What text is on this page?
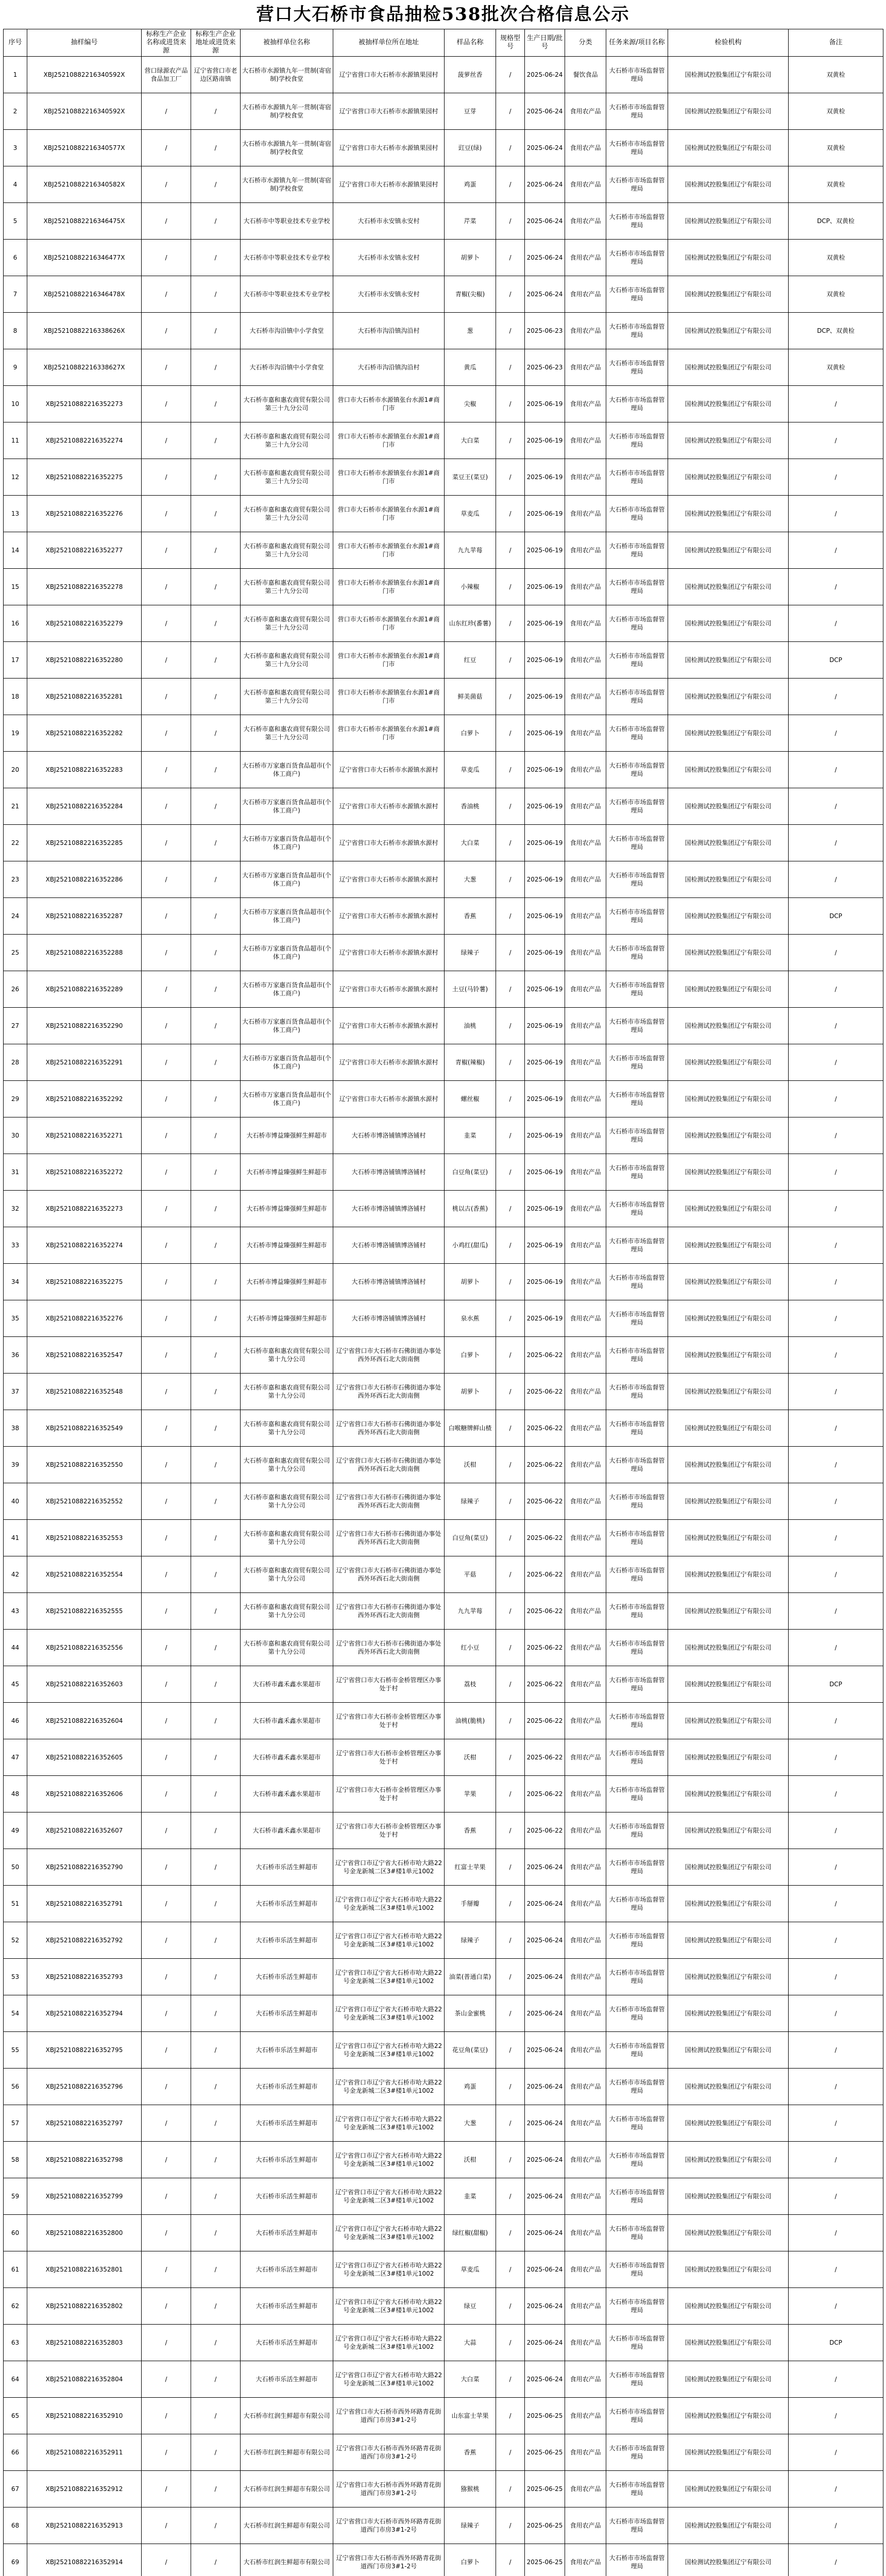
营口大石桥市食品抽检538批次合格信息公示
序号	抽样编号	标称生产企业名称或进货来源	标称生产企业地址或进货来源	被抽样单位名称	被抽样单位所在地址	样品名称	规格型号	生产日期/批号	分类	任务来源/项目名称	检验机构	备注
1	XBJ25210882216340592X	营口绿源农产品食品加工厂	辽宁省营口市老边区路南镇	大石桥市水源镇九年一贯制(寄宿制)学校食堂	辽宁省营口市大石桥市水源镇果园村	菠萝丝香	/	2025-06-24	餐饮食品	大石桥市市场监督管理局	国检测试控股集团辽宁有限公司	双黄检
2	XBJ25210882216340592X	/	/	大石桥市水源镇九年一贯制(寄宿制)学校食堂	辽宁省营口市大石桥市水源镇果园村	豆芽	/	2025-06-24	食用农产品	大石桥市市场监督管理局	国检测试控股集团辽宁有限公司	双黄检
3	XBJ25210882216340577X	/	/	大石桥市水源镇九年一贯制(寄宿制)学校食堂	辽宁省营口市大石桥市水源镇果园村	豇豆(绿)	/	2025-06-24	食用农产品	大石桥市市场监督管理局	国检测试控股集团辽宁有限公司	双黄检
4	XBJ25210882216340582X	/	/	大石桥市水源镇九年一贯制(寄宿制)学校食堂	辽宁省营口市大石桥市水源镇果园村	鸡蛋	/	2025-06-24	食用农产品	大石桥市市场监督管理局	国检测试控股集团辽宁有限公司	双黄检
5	XBJ25210882216346475X	/	/	大石桥市中等职业技术专业学校	大石桥市永安镇永安村	芹菜	/	2025-06-24	食用农产品	大石桥市市场监督管理局	国检测试控股集团辽宁有限公司	DCP、双黄检
6	XBJ25210882216346477X	/	/	大石桥市中等职业技术专业学校	大石桥市永安镇永安村	胡萝卜	/	2025-06-24	食用农产品	大石桥市市场监督管理局	国检测试控股集团辽宁有限公司	双黄检
7	XBJ25210882216346478X	/	/	大石桥市中等职业技术专业学校	大石桥市永安镇永安村	青椒(尖椒)	/	2025-06-24	食用农产品	大石桥市市场监督管理局	国检测试控股集团辽宁有限公司	双黄检
8	XBJ25210882216338626X	/	/	大石桥市沟沿镇中小学食堂	大石桥市沟沿镇沟沿村	葱	/	2025-06-23	食用农产品	大石桥市市场监督管理局	国检测试控股集团辽宁有限公司	DCP、双黄检
9	XBJ25210882216338627X	/	/	大石桥市沟沿镇中小学食堂	大石桥市沟沿镇沟沿村	黄瓜	/	2025-06-23	食用农产品	大石桥市市场监督管理局	国检测试控股集团辽宁有限公司	双黄检
10	XBJ25210882216352273	/	/	大石桥市嘉和惠农商贸有限公司第三十九分公司	营口市大石桥市水源镇张台水源1#商门市	尖椒	/	2025-06-19	食用农产品	大石桥市市场监督管理局	国检测试控股集团辽宁有限公司	/
11	XBJ25210882216352274	/	/	大石桥市嘉和惠农商贸有限公司第三十九分公司	营口市大石桥市水源镇张台水源1#商门市	大白菜	/	2025-06-19	食用农产品	大石桥市市场监督管理局	国检测试控股集团辽宁有限公司	/
12	XBJ25210882216352275	/	/	大石桥市嘉和惠农商贸有限公司第三十九分公司	营口市大石桥市水源镇张台水源1#商门市	菜豆王(菜豆)	/	2025-06-19	食用农产品	大石桥市市场监督管理局	国检测试控股集团辽宁有限公司	/
13	XBJ25210882216352276	/	/	大石桥市嘉和惠农商贸有限公司第三十九分公司	营口市大石桥市水源镇张台水源1#商门市	草麦瓜	/	2025-06-19	食用农产品	大石桥市市场监督管理局	国检测试控股集团辽宁有限公司	/
14	XBJ25210882216352277	/	/	大石桥市嘉和惠农商贸有限公司第三十九分公司	营口市大石桥市水源镇张台水源1#商门市	九九苹莓	/	2025-06-19	食用农产品	大石桥市市场监督管理局	国检测试控股集团辽宁有限公司	/
15	XBJ25210882216352278	/	/	大石桥市嘉和惠农商贸有限公司第三十九分公司	营口市大石桥市水源镇张台水源1#商门市	小辣椒	/	2025-06-19	食用农产品	大石桥市市场监督管理局	国检测试控股集团辽宁有限公司	/
16	XBJ25210882216352279	/	/	大石桥市嘉和惠农商贸有限公司第三十九分公司	营口市大石桥市水源镇张台水源1#商门市	山东红珍(番薯)	/	2025-06-19	食用农产品	大石桥市市场监督管理局	国检测试控股集团辽宁有限公司	/
17	XBJ25210882216352280	/	/	大石桥市嘉和惠农商贸有限公司第三十九分公司	营口市大石桥市水源镇张台水源1#商门市	红豆	/	2025-06-19	食用农产品	大石桥市市场监督管理局	国检测试控股集团辽宁有限公司	DCP
18	XBJ25210882216352281	/	/	大石桥市嘉和惠农商贸有限公司第三十九分公司	营口市大石桥市水源镇张台水源1#商门市	鲜美菌菇	/	2025-06-19	食用农产品	大石桥市市场监督管理局	国检测试控股集团辽宁有限公司	/
19	XBJ25210882216352282	/	/	大石桥市嘉和惠农商贸有限公司第三十九分公司	营口市大石桥市水源镇张台水源1#商门市	白萝卜	/	2025-06-19	食用农产品	大石桥市市场监督管理局	国检测试控股集团辽宁有限公司	/
20	XBJ25210882216352283	/	/	大石桥市万家惠百货食品超市(个体工商户)	辽宁省营口市大石桥市水源镇水源村	草麦瓜	/	2025-06-19	食用农产品	大石桥市市场监督管理局	国检测试控股集团辽宁有限公司	/
21	XBJ25210882216352284	/	/	大石桥市万家惠百货食品超市(个体工商户)	辽宁省营口市大石桥市水源镇水源村	香油桃	/	2025-06-19	食用农产品	大石桥市市场监督管理局	国检测试控股集团辽宁有限公司	/
22	XBJ25210882216352285	/	/	大石桥市万家惠百货食品超市(个体工商户)	辽宁省营口市大石桥市水源镇水源村	大白菜	/	2025-06-19	食用农产品	大石桥市市场监督管理局	国检测试控股集团辽宁有限公司	/
23	XBJ25210882216352286	/	/	大石桥市万家惠百货食品超市(个体工商户)	辽宁省营口市大石桥市水源镇水源村	大葱	/	2025-06-19	食用农产品	大石桥市市场监督管理局	国检测试控股集团辽宁有限公司	/
24	XBJ25210882216352287	/	/	大石桥市万家惠百货食品超市(个体工商户)	辽宁省营口市大石桥市水源镇水源村	香蕉	/	2025-06-19	食用农产品	大石桥市市场监督管理局	国检测试控股集团辽宁有限公司	DCP
25	XBJ25210882216352288	/	/	大石桥市万家惠百货食品超市(个体工商户)	辽宁省营口市大石桥市水源镇水源村	绿辣子	/	2025-06-19	食用农产品	大石桥市市场监督管理局	国检测试控股集团辽宁有限公司	/
26	XBJ25210882216352289	/	/	大石桥市万家惠百货食品超市(个体工商户)	辽宁省营口市大石桥市水源镇水源村	土豆(马铃薯)	/	2025-06-19	食用农产品	大石桥市市场监督管理局	国检测试控股集团辽宁有限公司	/
27	XBJ25210882216352290	/	/	大石桥市万家惠百货食品超市(个体工商户)	辽宁省营口市大石桥市水源镇水源村	油桃	/	2025-06-19	食用农产品	大石桥市市场监督管理局	国检测试控股集团辽宁有限公司	/
28	XBJ25210882216352291	/	/	大石桥市万家惠百货食品超市(个体工商户)	辽宁省营口市大石桥市水源镇水源村	青椒(辣椒)	/	2025-06-19	食用农产品	大石桥市市场监督管理局	国检测试控股集团辽宁有限公司	/
29	XBJ25210882216352292	/	/	大石桥市万家惠百货食品超市(个体工商户)	辽宁省营口市大石桥市水源镇水源村	螺丝椒	/	2025-06-19	食用农产品	大石桥市市场监督管理局	国检测试控股集团辽宁有限公司	/
30	XBJ25210882216352271	/	/	大石桥市博益臻强鲜生鲜超市	大石桥市博洛铺镇博洛铺村	韭菜	/	2025-06-19	食用农产品	大石桥市市场监督管理局	国检测试控股集团辽宁有限公司	/
31	XBJ25210882216352272	/	/	大石桥市博益臻强鲜生鲜超市	大石桥市博洛铺镇博洛铺村	白豆角(菜豆)	/	2025-06-19	食用农产品	大石桥市市场监督管理局	国检测试控股集团辽宁有限公司	/
32	XBJ25210882216352273	/	/	大石桥市博益臻强鲜生鲜超市	大石桥市博洛铺镇博洛铺村	桃以古(香蕉)	/	2025-06-19	食用农产品	大石桥市市场监督管理局	国检测试控股集团辽宁有限公司	/
33	XBJ25210882216352274	/	/	大石桥市博益臻强鲜生鲜超市	大石桥市博洛铺镇博洛铺村	小鸡红(甜瓜)	/	2025-06-19	食用农产品	大石桥市市场监督管理局	国检测试控股集团辽宁有限公司	/
34	XBJ25210882216352275	/	/	大石桥市博益臻强鲜生鲜超市	大石桥市博洛铺镇博洛铺村	胡萝卜	/	2025-06-19	食用农产品	大石桥市市场监督管理局	国检测试控股集团辽宁有限公司	/
35	XBJ25210882216352276	/	/	大石桥市博益臻强鲜生鲜超市	大石桥市博洛铺镇博洛铺村	泉水蕉	/	2025-06-19	食用农产品	大石桥市市场监督管理局	国检测试控股集团辽宁有限公司	/
36	XBJ25210882216352547	/	/	大石桥市嘉和惠农商贸有限公司第十九分公司	辽宁省营口市大石桥市石佛街道办事处西外环西石北大街南侧	白萝卜	/	2025-06-22	食用农产品	大石桥市市场监督管理局	国检测试控股集团辽宁有限公司	/
37	XBJ25210882216352548	/	/	大石桥市嘉和惠农商贸有限公司第十九分公司	辽宁省营口市大石桥市石佛街道办事处西外环西石北大街南侧	胡萝卜	/	2025-06-22	食用农产品	大石桥市市场监督管理局	国检测试控股集团辽宁有限公司	/
38	XBJ25210882216352549	/	/	大石桥市嘉和惠农商贸有限公司第十九分公司	辽宁省营口市大石桥市石佛街道办事处西外环西石北大街南侧	白喉糖牌鲜山楂	/	2025-06-22	食用农产品	大石桥市市场监督管理局	国检测试控股集团辽宁有限公司	/
39	XBJ25210882216352550	/	/	大石桥市嘉和惠农商贸有限公司第十九分公司	辽宁省营口市大石桥市石佛街道办事处西外环西石北大街南侧	沃柑	/	2025-06-22	食用农产品	大石桥市市场监督管理局	国检测试控股集团辽宁有限公司	/
40	XBJ25210882216352552	/	/	大石桥市嘉和惠农商贸有限公司第十九分公司	辽宁省营口市大石桥市石佛街道办事处西外环西石北大街南侧	绿辣子	/	2025-06-22	食用农产品	大石桥市市场监督管理局	国检测试控股集团辽宁有限公司	/
41	XBJ25210882216352553	/	/	大石桥市嘉和惠农商贸有限公司第十九分公司	辽宁省营口市大石桥市石佛街道办事处西外环西石北大街南侧	白豆角(菜豆)	/	2025-06-22	食用农产品	大石桥市市场监督管理局	国检测试控股集团辽宁有限公司	/
42	XBJ25210882216352554	/	/	大石桥市嘉和惠农商贸有限公司第十九分公司	辽宁省营口市大石桥市石佛街道办事处西外环西石北大街南侧	平菇	/	2025-06-22	食用农产品	大石桥市市场监督管理局	国检测试控股集团辽宁有限公司	/
43	XBJ25210882216352555	/	/	大石桥市嘉和惠农商贸有限公司第十九分公司	辽宁省营口市大石桥市石佛街道办事处西外环西石北大街南侧	九九苹莓	/	2025-06-22	食用农产品	大石桥市市场监督管理局	国检测试控股集团辽宁有限公司	/
44	XBJ25210882216352556	/	/	大石桥市嘉和惠农商贸有限公司第十九分公司	辽宁省营口市大石桥市石佛街道办事处西外环西石北大街南侧	红小豆	/	2025-06-22	食用农产品	大石桥市市场监督管理局	国检测试控股集团辽宁有限公司	/
45	XBJ25210882216352603	/	/	大石桥市鑫禾鑫水果超市	辽宁省营口市大石桥市金桥管理区办事处于村	荔枝	/	2025-06-22	食用农产品	大石桥市市场监督管理局	国检测试控股集团辽宁有限公司	DCP
46	XBJ25210882216352604	/	/	大石桥市鑫禾鑫水果超市	辽宁省营口市大石桥市金桥管理区办事处于村	油桃(脆桃)	/	2025-06-22	食用农产品	大石桥市市场监督管理局	国检测试控股集团辽宁有限公司	/
47	XBJ25210882216352605	/	/	大石桥市鑫禾鑫水果超市	辽宁省营口市大石桥市金桥管理区办事处于村	沃柑	/	2025-06-22	食用农产品	大石桥市市场监督管理局	国检测试控股集团辽宁有限公司	/
48	XBJ25210882216352606	/	/	大石桥市鑫禾鑫水果超市	辽宁省营口市大石桥市金桥管理区办事处于村	苹果	/	2025-06-22	食用农产品	大石桥市市场监督管理局	国检测试控股集团辽宁有限公司	/
49	XBJ25210882216352607	/	/	大石桥市鑫禾鑫水果超市	辽宁省营口市大石桥市金桥管理区办事处于村	香蕉	/	2025-06-22	食用农产品	大石桥市市场监督管理局	国检测试控股集团辽宁有限公司	/
50	XBJ25210882216352790	/	/	大石桥市乐活生鲜超市	辽宁省营口市辽宁省大石桥市哈大路22号金龙新城二区3#楼1单元1002	红富士苹果	/	2025-06-24	食用农产品	大石桥市市场监督管理局	国检测试控股集团辽宁有限公司	/
51	XBJ25210882216352791	/	/	大石桥市乐活生鲜超市	辽宁省营口市辽宁省大石桥市哈大路22号金龙新城二区3#楼1单元1002	手掰瓣	/	2025-06-24	食用农产品	大石桥市市场监督管理局	国检测试控股集团辽宁有限公司	/
52	XBJ25210882216352792	/	/	大石桥市乐活生鲜超市	辽宁省营口市辽宁省大石桥市哈大路22号金龙新城二区3#楼1单元1002	绿辣子	/	2025-06-24	食用农产品	大石桥市市场监督管理局	国检测试控股集团辽宁有限公司	/
53	XBJ25210882216352793	/	/	大石桥市乐活生鲜超市	辽宁省营口市辽宁省大石桥市哈大路22号金龙新城二区3#楼1单元1002	油菜(普通白菜)	/	2025-06-24	食用农产品	大石桥市市场监督管理局	国检测试控股集团辽宁有限公司	/
54	XBJ25210882216352794	/	/	大石桥市乐活生鲜超市	辽宁省营口市辽宁省大石桥市哈大路22号金龙新城二区3#楼1单元1002	茶山金蜜桃	/	2025-06-24	食用农产品	大石桥市市场监督管理局	国检测试控股集团辽宁有限公司	/
55	XBJ25210882216352795	/	/	大石桥市乐活生鲜超市	辽宁省营口市辽宁省大石桥市哈大路22号金龙新城二区3#楼1单元1002	花豆角(菜豆)	/	2025-06-24	食用农产品	大石桥市市场监督管理局	国检测试控股集团辽宁有限公司	/
56	XBJ25210882216352796	/	/	大石桥市乐活生鲜超市	辽宁省营口市辽宁省大石桥市哈大路22号金龙新城二区3#楼1单元1002	鸡蛋	/	2025-06-24	食用农产品	大石桥市市场监督管理局	国检测试控股集团辽宁有限公司	/
57	XBJ25210882216352797	/	/	大石桥市乐活生鲜超市	辽宁省营口市辽宁省大石桥市哈大路22号金龙新城二区3#楼1单元1002	大葱	/	2025-06-24	食用农产品	大石桥市市场监督管理局	国检测试控股集团辽宁有限公司	/
58	XBJ25210882216352798	/	/	大石桥市乐活生鲜超市	辽宁省营口市辽宁省大石桥市哈大路22号金龙新城二区3#楼1单元1002	沃柑	/	2025-06-24	食用农产品	大石桥市市场监督管理局	国检测试控股集团辽宁有限公司	/
59	XBJ25210882216352799	/	/	大石桥市乐活生鲜超市	辽宁省营口市辽宁省大石桥市哈大路22号金龙新城二区3#楼1单元1002	韭菜	/	2025-06-24	食用农产品	大石桥市市场监督管理局	国检测试控股集团辽宁有限公司	/
60	XBJ25210882216352800	/	/	大石桥市乐活生鲜超市	辽宁省营口市辽宁省大石桥市哈大路22号金龙新城二区3#楼1单元1002	绿红椒(甜椒)	/	2025-06-24	食用农产品	大石桥市市场监督管理局	国检测试控股集团辽宁有限公司	/
61	XBJ25210882216352801	/	/	大石桥市乐活生鲜超市	辽宁省营口市辽宁省大石桥市哈大路22号金龙新城二区3#楼1单元1002	草麦瓜	/	2025-06-24	食用农产品	大石桥市市场监督管理局	国检测试控股集团辽宁有限公司	/
62	XBJ25210882216352802	/	/	大石桥市乐活生鲜超市	辽宁省营口市辽宁省大石桥市哈大路22号金龙新城二区3#楼1单元1002	绿豆	/	2025-06-24	食用农产品	大石桥市市场监督管理局	国检测试控股集团辽宁有限公司	/
63	XBJ25210882216352803	/	/	大石桥市乐活生鲜超市	辽宁省营口市辽宁省大石桥市哈大路22号金龙新城二区3#楼1单元1002	大蒜	/	2025-06-24	食用农产品	大石桥市市场监督管理局	国检测试控股集团辽宁有限公司	DCP
64	XBJ25210882216352804	/	/	大石桥市乐活生鲜超市	辽宁省营口市辽宁省大石桥市哈大路22号金龙新城二区3#楼1单元1002	大白菜	/	2025-06-24	食用农产品	大石桥市市场监督管理局	国检测试控股集团辽宁有限公司	/
65	XBJ25210882216352910	/	/	大石桥市红润生鲜超市有限公司	辽宁省营口市大石桥市西外环路青花街道西门市房3#1-2号	山东富士苹果	/	2025-06-25	食用农产品	大石桥市市场监督管理局	国检测试控股集团辽宁有限公司	/
66	XBJ25210882216352911	/	/	大石桥市红润生鲜超市有限公司	辽宁省营口市大石桥市西外环路青花街道西门市房3#1-2号	香蕉	/	2025-06-25	食用农产品	大石桥市市场监督管理局	国检测试控股集团辽宁有限公司	/
67	XBJ25210882216352912	/	/	大石桥市红润生鲜超市有限公司	辽宁省营口市大石桥市西外环路青花街道西门市房3#1-2号	猕猴桃	/	2025-06-25	食用农产品	大石桥市市场监督管理局	国检测试控股集团辽宁有限公司	/
68	XBJ25210882216352913	/	/	大石桥市红润生鲜超市有限公司	辽宁省营口市大石桥市西外环路青花街道西门市房3#1-2号	绿辣子	/	2025-06-25	食用农产品	大石桥市市场监督管理局	国检测试控股集团辽宁有限公司	/
69	XBJ25210882216352914	/	/	大石桥市红润生鲜超市有限公司	辽宁省营口市大石桥市西外环路青花街道西门市房3#1-2号	白萝卜	/	2025-06-25	食用农产品	大石桥市市场监督管理局	国检测试控股集团辽宁有限公司	/
